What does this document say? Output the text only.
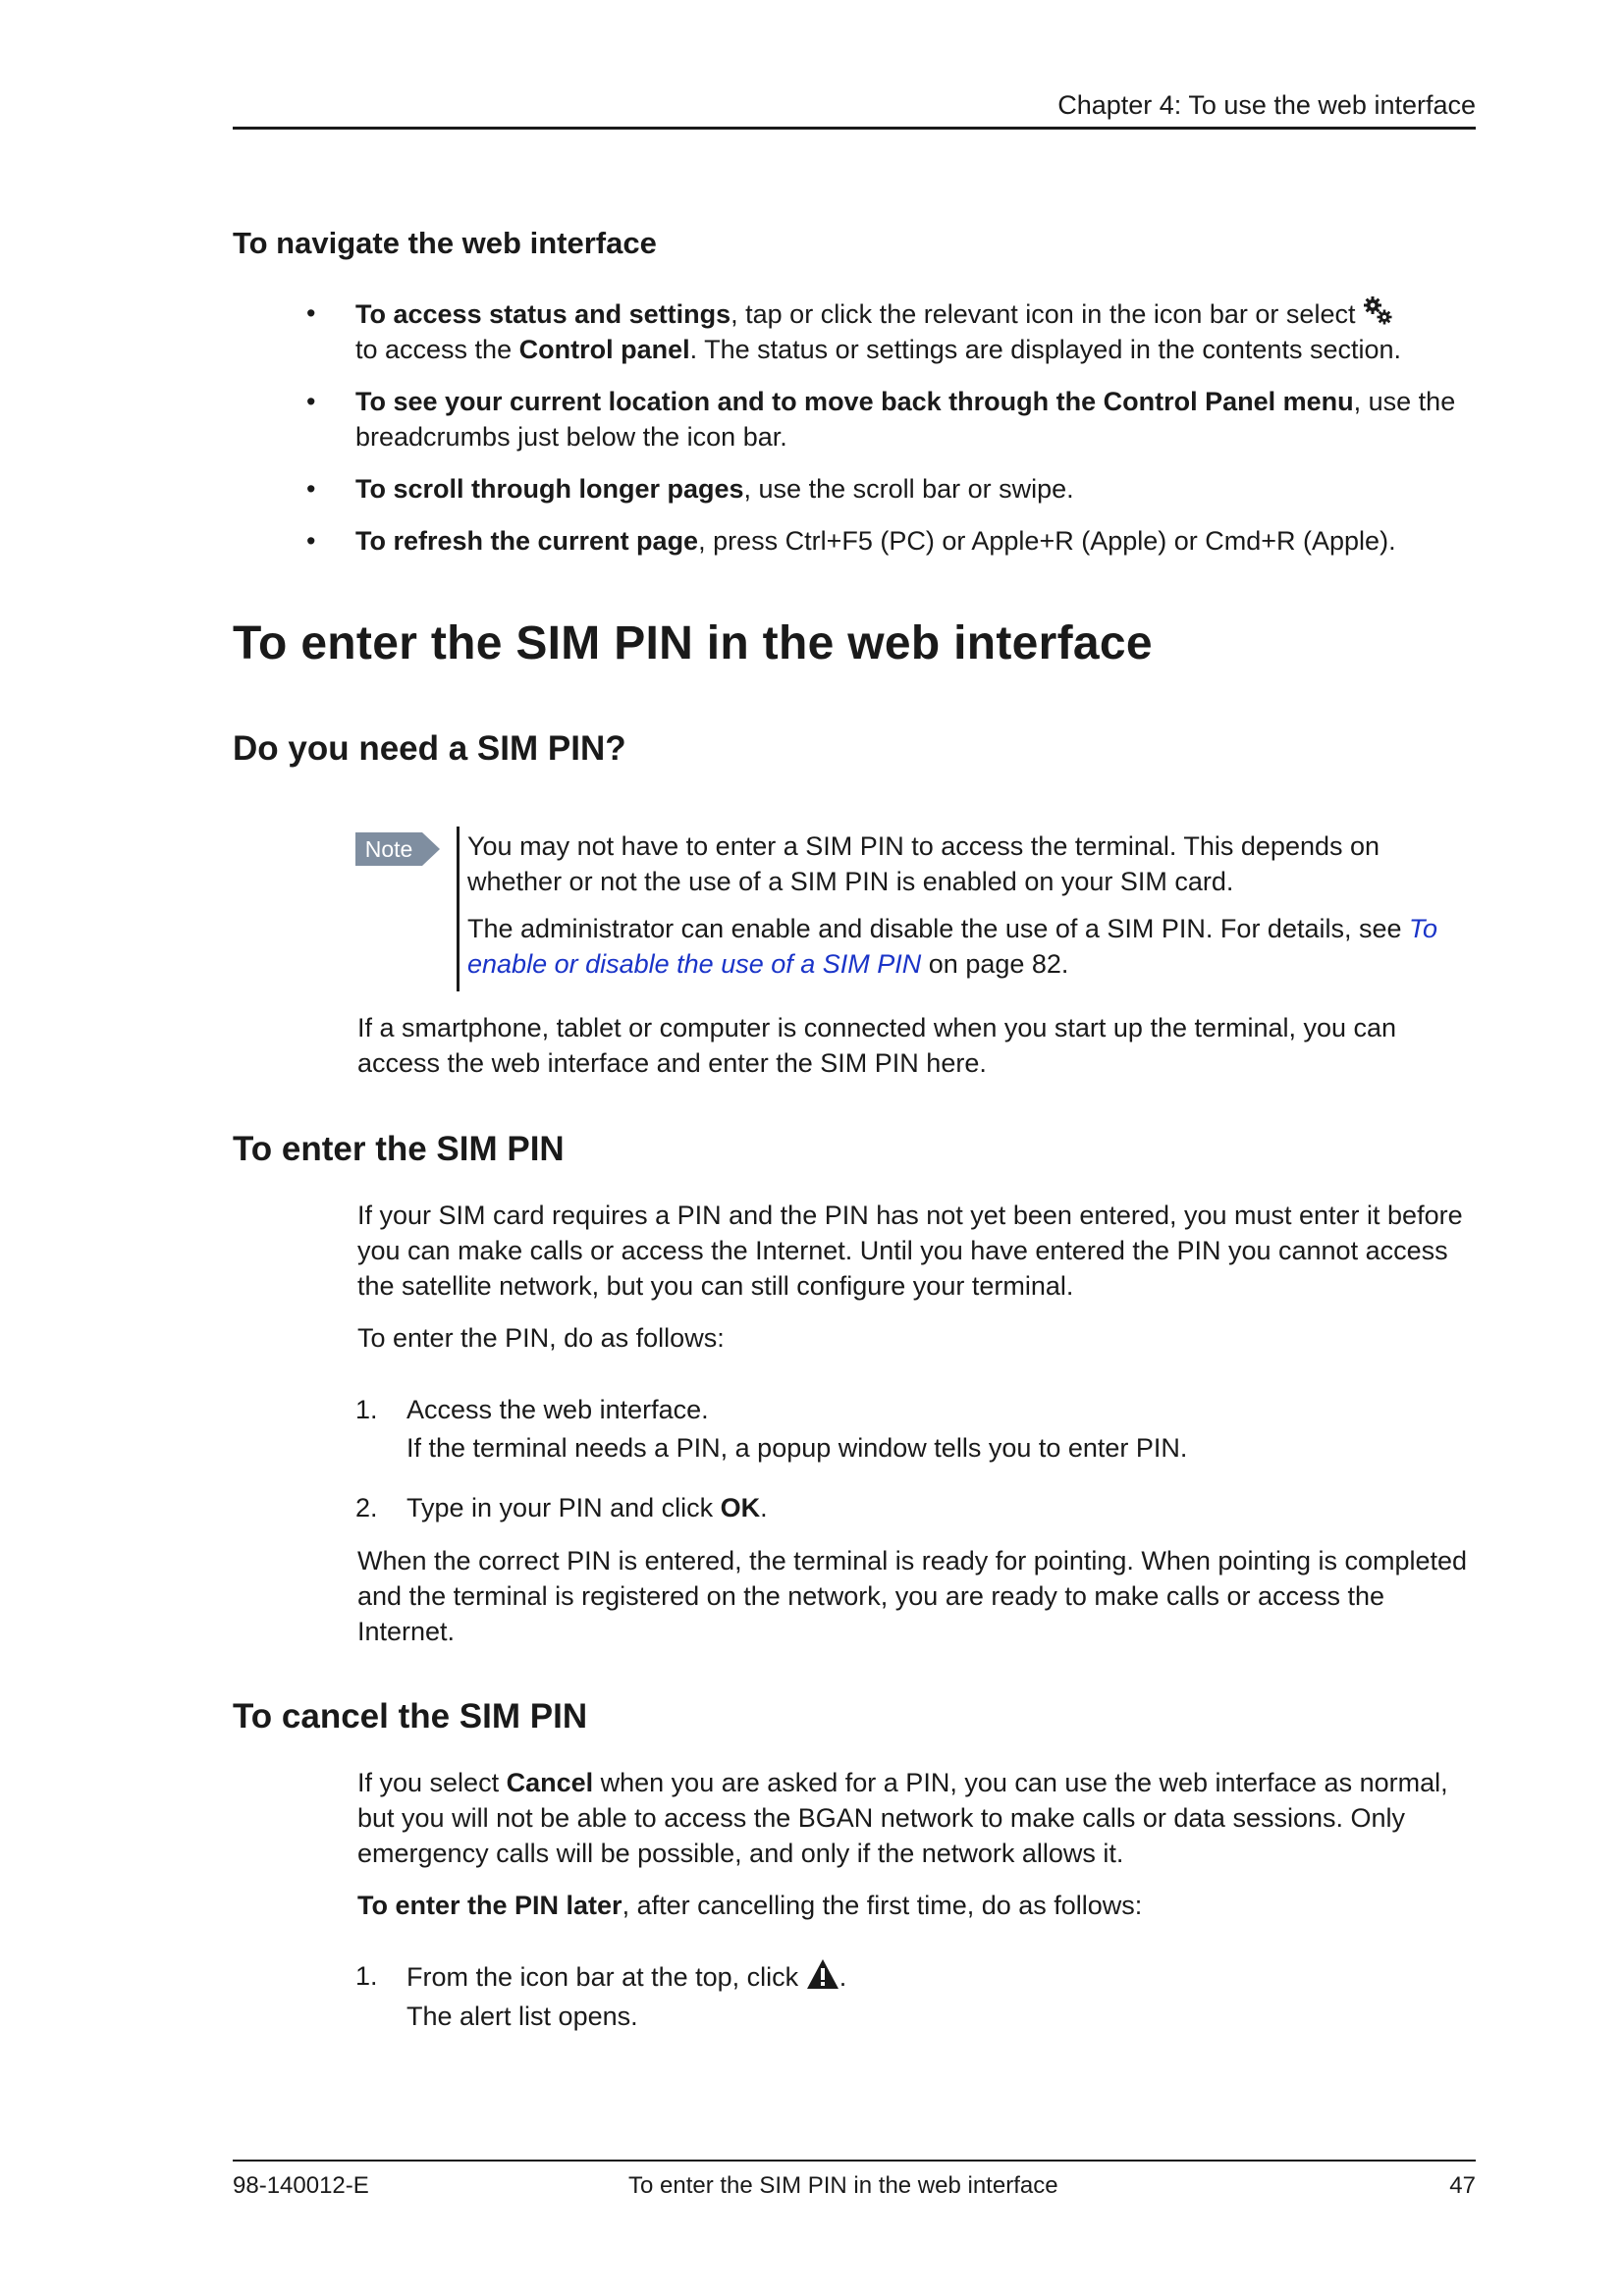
Chapter 4: To use the web interface
To navigate the web interface
• To access status and settings, tap or click the relevant icon in the icon bar or select
to access the Control panel. The status or settings are displayed in the contents section.
• To see your current location and to move back through the Control Panel menu, use the breadcrumbs just below the icon bar.
• To scroll through longer pages, use the scroll bar or swipe.
• To refresh the current page, press Ctrl+F5 (PC) or Apple+R (Apple) or Cmd+R (Apple).
To enter the SIM PIN in the web interface
Do you need a SIM PIN?
Note	You may not have to enter a SIM PIN to access the terminal. This depends on whether or not the use of a SIM PIN is enabled on your SIM card.
The administrator can enable and disable the use of a SIM PIN. For details, see To enable or disable the use of a SIM PIN on page 82.
If a smartphone, tablet or computer is connected when you start up the terminal, you can access the web interface and enter the SIM PIN here.
To enter the SIM PIN
If your SIM card requires a PIN and the PIN has not yet been entered, you must enter it before you can make calls or access the Internet. Until you have entered the PIN you cannot access the satellite network, but you can still configure your terminal.
To enter the PIN, do as follows:
1. Access the web interface.
If the terminal needs a PIN, a popup window tells you to enter PIN.
2. Type in your PIN and click OK.
When the correct PIN is entered, the terminal is ready for pointing. When pointing is completed and the terminal is registered on the network, you are ready to make calls or access the Internet.
To cancel the SIM PIN
If you select Cancel when you are asked for a PIN, you can use the web interface as normal, but you will not be able to access the BGAN network to make calls or data sessions. Only emergency calls will be possible, and only if the network allows it.
To enter the PIN later, after cancelling the first time, do as follows:
1. From the icon bar at the top, click .
The alert list opens.
98-140012-E	To enter the SIM PIN in the web interface	47
